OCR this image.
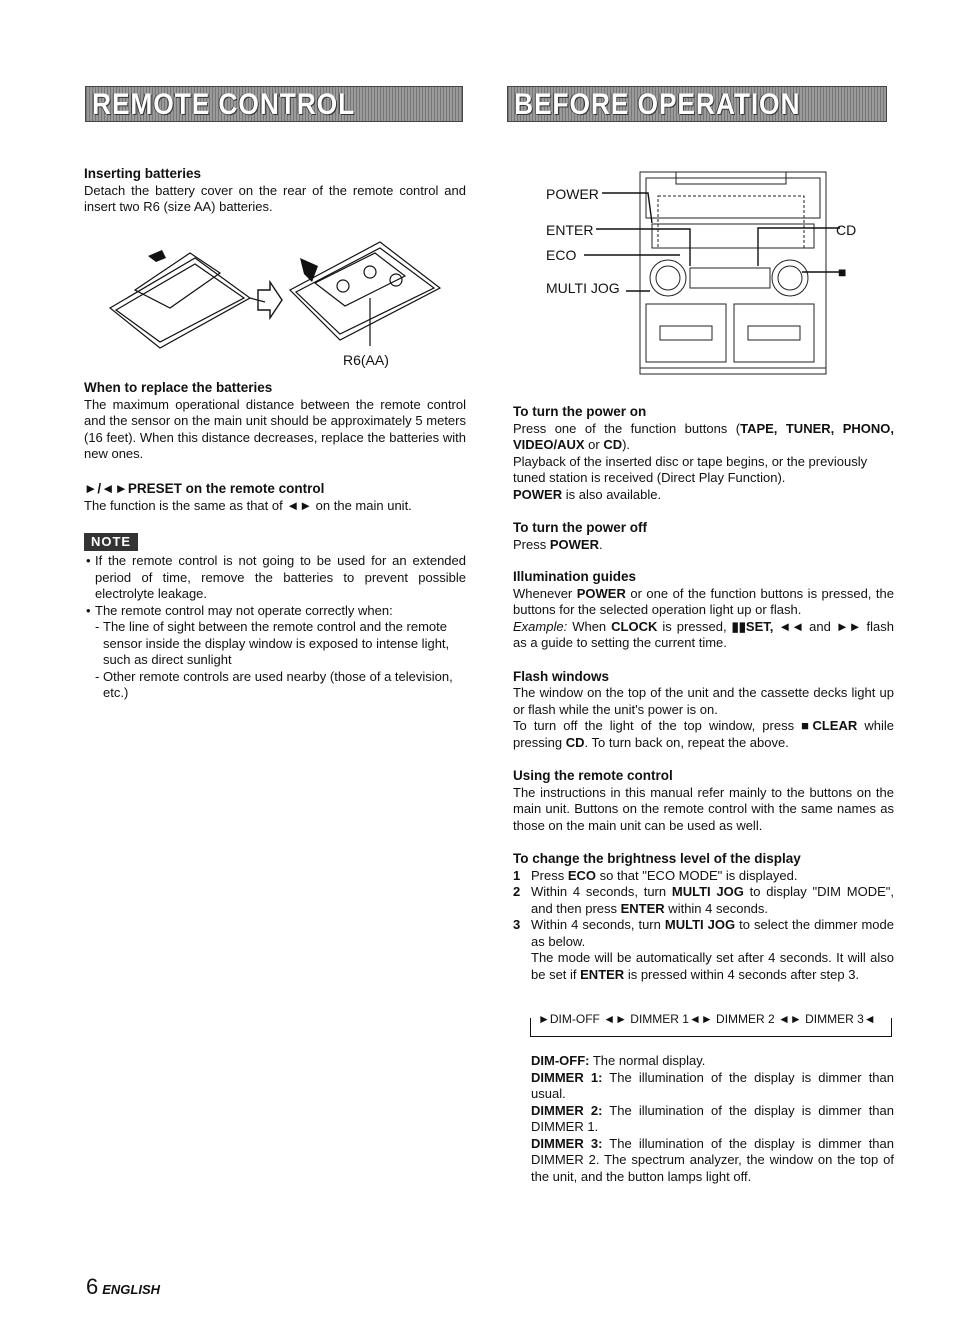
REMOTE CONTROL	BEFORE OPERATION

Inserting batteries

Detach the battery cover on the rear of the remote control and insert two R6 (size AA) batteries.

R6(AA)

When to replace the batteries

The maximum operational distance between the remote control and the sensor on the main unit should be approximately 5 meters (16 feet). When this distance decreases, replace the batteries with new ones.

►/◄►PRESET on the remote control

The function is the same as that of ◄► on the main unit.

NOTE
• If the remote control is not going to be used for an extended period of time, remove the batteries to prevent possible electrolyte leakage.
• The remote control may not operate correctly when:
- The line of sight between the remote control and the remote sensor inside the display window is exposed to intense light, such as direct sunlight
- Other remote controls are used nearby (those of a television, etc.)
POWER
ENTER
ECO
MULTI JOG
CD
■

To turn the power on

Press one of the function buttons (TAPE, TUNER, PHONO, VIDEO/AUX or CD).

Playback of the inserted disc or tape begins, or the previously tuned station is received (Direct Play Function).

POWER is also available.

To turn the power off

Press POWER.

Illumination guides

Whenever POWER or one of the function buttons is pressed, the buttons for the selected operation light up or flash.
Example: When CLOCK is pressed, ▮▮SET, ◄◄ and ►► flash as a guide to setting the current time.

Flash windows

The window on the top of the unit and the cassette decks light up or flash while the unit's power is on.

To turn off the light of the top window, press ■CLEAR while pressing CD. To turn back on, repeat the above.

Using the remote control

The instructions in this manual refer mainly to the buttons on the main unit. Buttons on the remote control with the same names as those on the main unit can be used as well.

To change the brightness level of the display

1 Press ECO so that "ECO MODE" is displayed.
2 Within 4 seconds, turn MULTI JOG to display "DIM MODE", and then press ENTER within 4 seconds.
3 Within 4 seconds, turn MULTI JOG to select the dimmer mode as below.
The mode will be automatically set after 4 seconds. It will also be set if ENTER is pressed within 4 seconds after step 3.
►DIM-OFF ◄► DIMMER 1◄► DIMMER 2 ◄► DIMMER 3◄

DIM-OFF: The normal display.

DIMMER 1: The illumination of the display is dimmer than usual.

DIMMER 2: The illumination of the display is dimmer than DIMMER 1.

DIMMER 3: The illumination of the display is dimmer than DIMMER 2. The spectrum analyzer, the window on the top of the unit, and the button lamps light off.

6 ENGLISH
